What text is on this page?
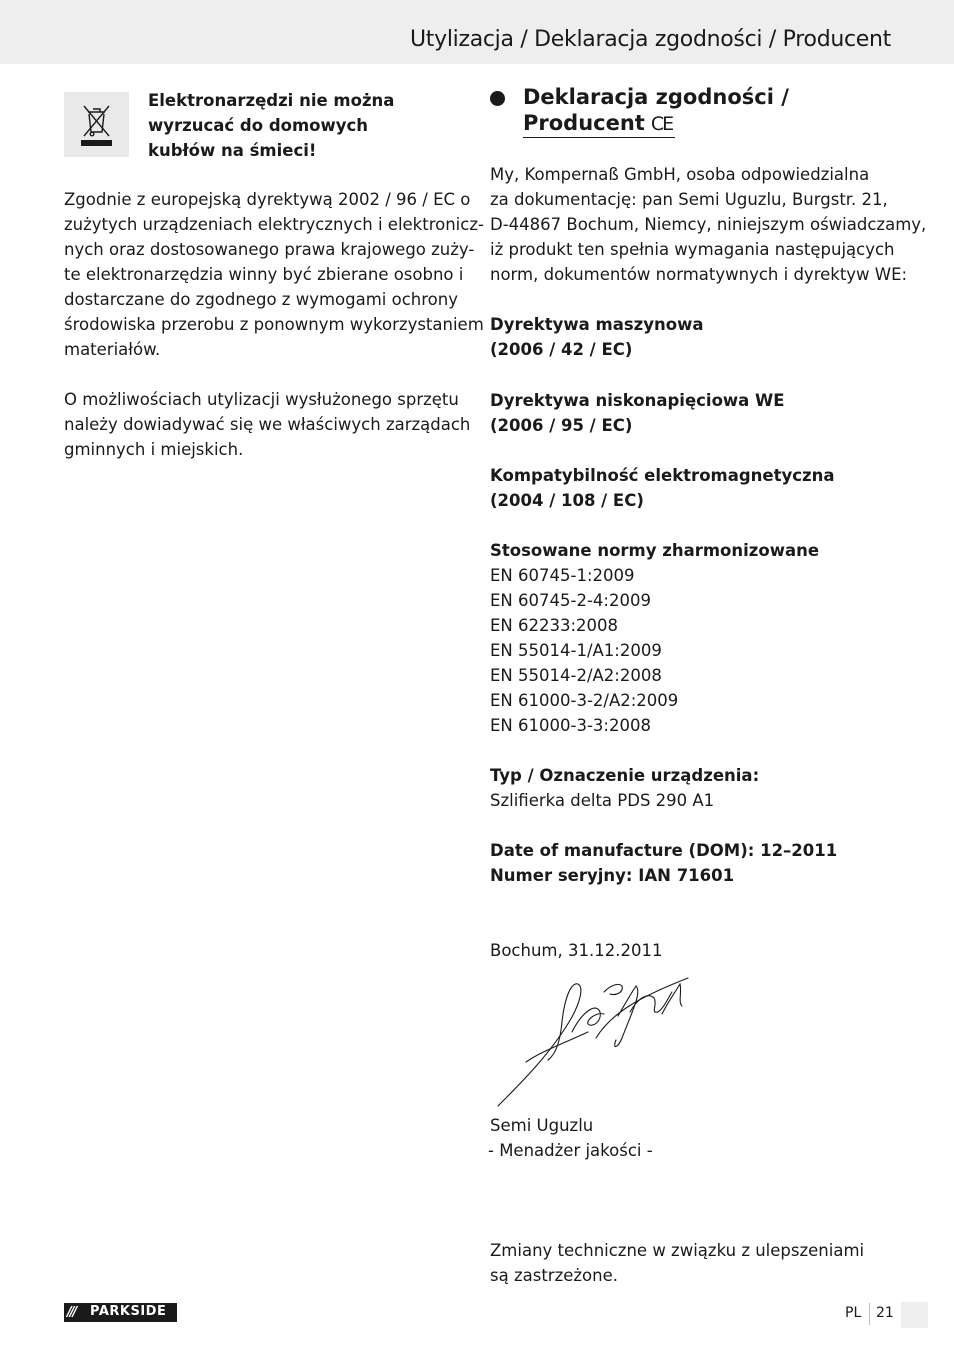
Utylizacja / Deklaracja zgodności / Producent
Elektronarzędzi nie można
wyrzucać do domowych
kubłów na śmieci!
Zgodnie z europejską dyrektywą 2002 / 96 / EC o
zużytych urządzeniach elektrycznych i elektronicz-
nych oraz dostosowanego prawa krajowego zuży-
te elektronarzędzia winny być zbierane osobno i
dostarczane do zgodnego z wymogami ochrony
środowiska przerobu z ponownym wykorzystaniem
materiałów.
O możliwościach utylizacji wysłużonego sprzętu
należy dowiadywać się we właściwych zarządach
gminnych i miejskich.
Deklaracja zgodności /
Producent CE
My, Kompernaß GmbH, osoba odpowiedzialna
za dokumentację: pan Semi Uguzlu, Burgstr. 21,
D-44867 Bochum, Niemcy, niniejszym oświadczamy,
iż produkt ten spełnia wymagania następujących
norm, dokumentów normatywnych i dyrektyw WE:
Dyrektywa maszynowa
(2006 / 42 / EC)
Dyrektywa niskonapięciowa WE
(2006 / 95 / EC)
Kompatybilność elektromagnetyczna
(2004 / 108 / EC)
Stosowane normy zharmonizowane
EN 60745-1:2009
EN 60745-2-4:2009
EN 62233:2008
EN 55014-1/A1:2009
EN 55014-2/A2:2008
EN 61000-3-2/A2:2009
EN 61000-3-3:2008
Typ / Oznaczenie urządzenia:
Szlifierka delta PDS 290 A1
Date of manufacture (DOM): 12–2011
Numer seryjny: IAN 71601
Bochum, 31.12.2011
Semi Uguzlu
- Menadżer jakości -
Zmiany techniczne w związku z ulepszeniami
są zastrzeżone.
/// PARKSIDE	PL 21
